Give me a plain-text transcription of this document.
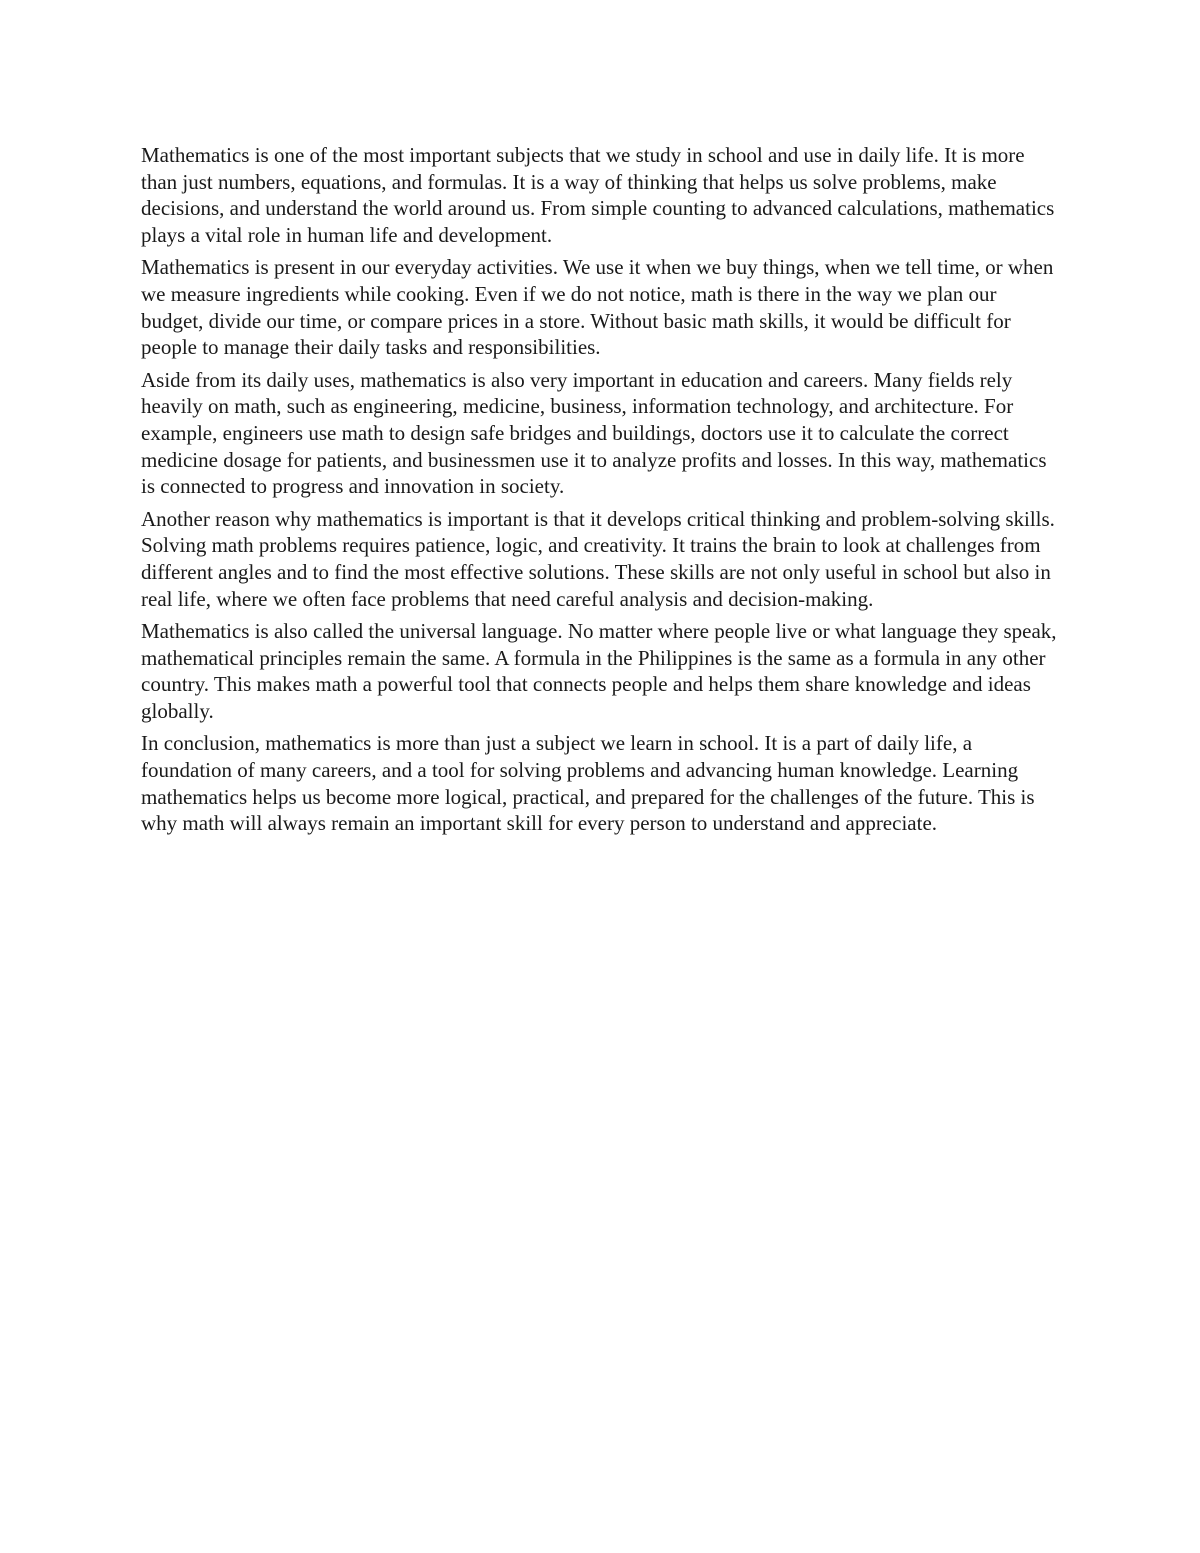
Mathematics is one of the most important subjects that we study in school and use in daily life. It is more than just numbers, equations, and formulas. It is a way of thinking that helps us solve problems, make decisions, and understand the world around us. From simple counting to advanced calculations, mathematics plays a vital role in human life and development.

Mathematics is present in our everyday activities. We use it when we buy things, when we tell time, or when we measure ingredients while cooking. Even if we do not notice, math is there in the way we plan our budget, divide our time, or compare prices in a store. Without basic math skills, it would be difficult for people to manage their daily tasks and responsibilities.

Aside from its daily uses, mathematics is also very important in education and careers. Many fields rely heavily on math, such as engineering, medicine, business, information technology, and architecture. For example, engineers use math to design safe bridges and buildings, doctors use it to calculate the correct medicine dosage for patients, and businessmen use it to analyze profits and losses. In this way, mathematics is connected to progress and innovation in society.

Another reason why mathematics is important is that it develops critical thinking and problem-solving skills. Solving math problems requires patience, logic, and creativity. It trains the brain to look at challenges from different angles and to find the most effective solutions. These skills are not only useful in school but also in real life, where we often face problems that need careful analysis and decision-making.

Mathematics is also called the universal language. No matter where people live or what language they speak, mathematical principles remain the same. A formula in the Philippines is the same as a formula in any other country. This makes math a powerful tool that connects people and helps them share knowledge and ideas globally.

In conclusion, mathematics is more than just a subject we learn in school. It is a part of daily life, a foundation of many careers, and a tool for solving problems and advancing human knowledge. Learning mathematics helps us become more logical, practical, and prepared for the challenges of the future. This is why math will always remain an important skill for every person to understand and appreciate.
